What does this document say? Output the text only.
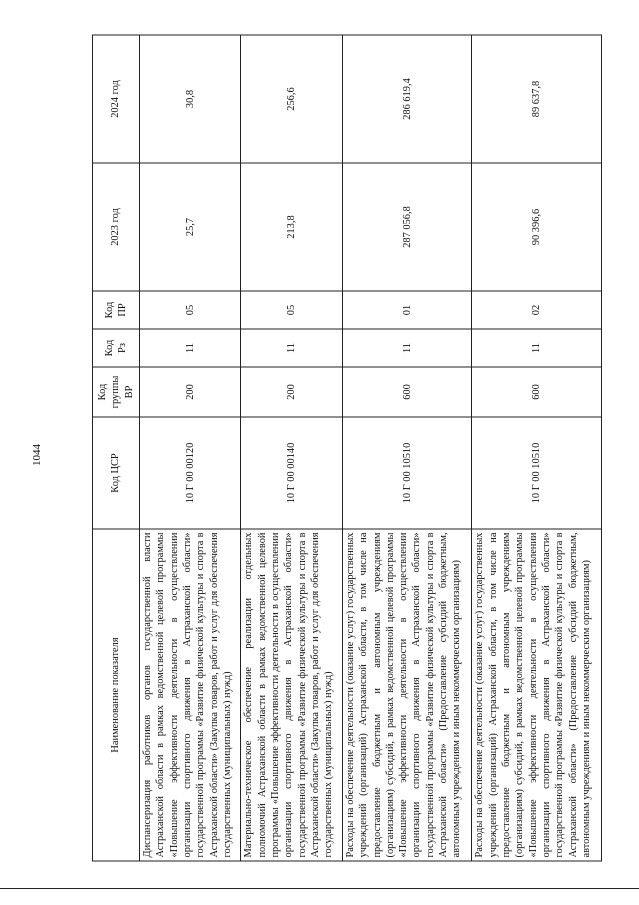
1044
Наименование показателя	Код ЦСР	Код группы ВР	Код Рз	Код ПР	2023 год	2024 год
Диспансеризация работников органов государственной власти Астраханской области в рамках ведомственной целевой программы «Повышение эффективности деятельности в осуществлении организации спортивного движения в Астраханской области» государственной программы «Развитие физической культуры и спорта в Астраханской области» (Закупка товаров, работ и услуг для обеспечения государственных (муниципальных) нужд)	10 Г 00 00120	200	11	05	25,7	30,8
Материально-техническое обеспечение реализации отдельных полномочий Астраханской области в рамках ведомственной целевой программы «Повышение эффективности деятельности в осуществлении организации спортивного движения в Астраханской области» государственной программы «Развитие физической культуры и спорта в Астраханской области» (Закупка товаров, работ и услуг для обеспечения государственных (муниципальных) нужд)	10 Г 00 00140	200	11	05	213,8	256,6
Расходы на обеспечение деятельности (оказание услуг) государственных учреждений (организаций) Астраханской области, в том числе на предоставление бюджетным и автономным учреждениям (организациям) субсидий, в рамках ведомственной целевой программы «Повышение эффективности деятельности в осуществлении организации спортивного движения в Астраханской области» государственной программы «Развитие физической культуры и спорта в Астраханской области» (Предоставление субсидий бюджетным, автономным учреждениям и иным некоммерческим организациям)	10 Г 00 10510	600	11	01	287 056,8	286 619,4
Расходы на обеспечение деятельности (оказание услуг) государственных учреждений (организаций) Астраханской области, в том числе на предоставление бюджетным и автономным учреждениям (организациям) субсидий, в рамках ведомственной целевой программы «Повышение эффективности деятельности в осуществлении организации спортивного движения в Астраханской области» государственной программы «Развитие физической культуры и спорта в Астраханской области» (Предоставление субсидий бюджетным, автономным учреждениям и иным некоммерческим организациям)	10 Г 00 10510	600	11	02	90 396,6	89 637,8
